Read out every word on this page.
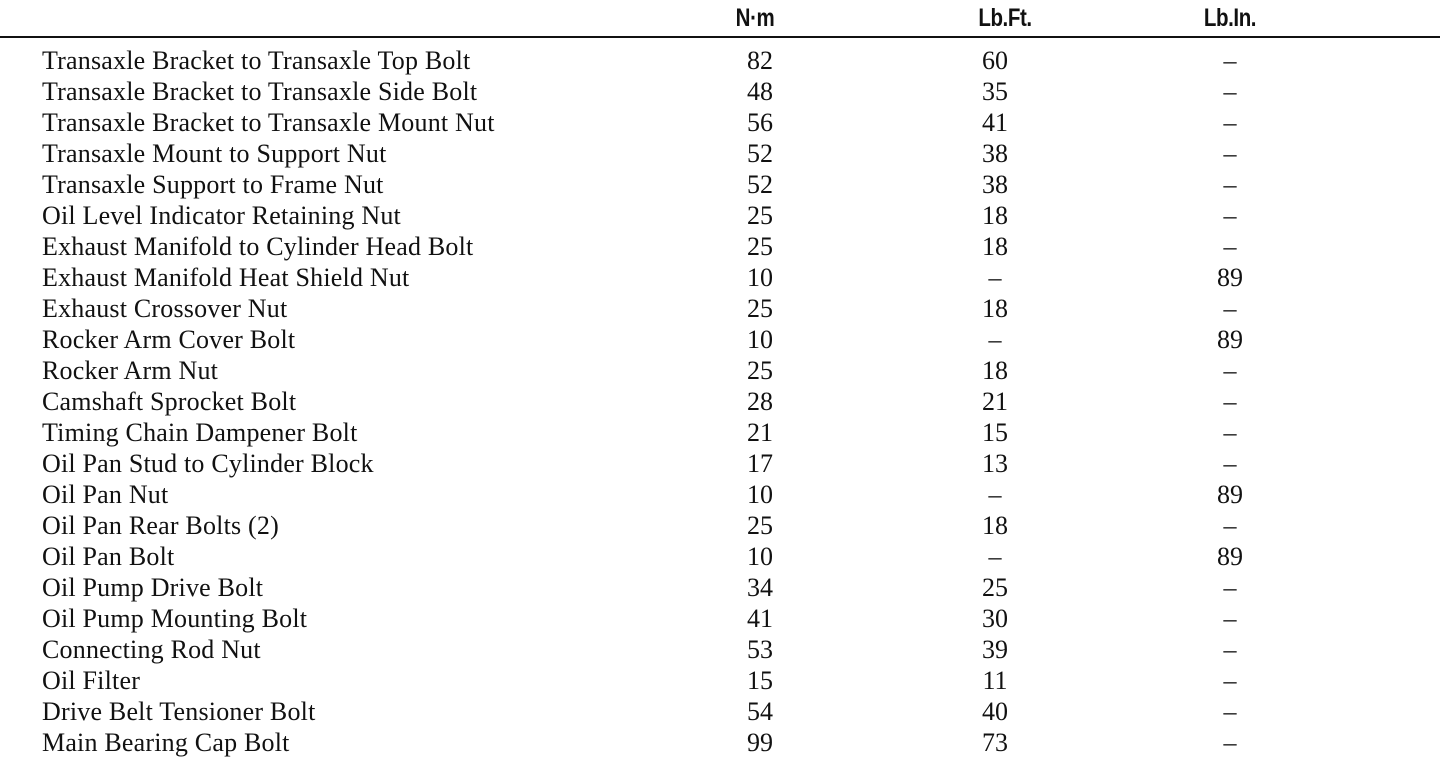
N·m	Lb.Ft.	Lb.In.
Transaxle Bracket to Transaxle Top Bolt	82	60	–
Transaxle Bracket to Transaxle Side Bolt	48	35	–
Transaxle Bracket to Transaxle Mount Nut	56	41	–
Transaxle Mount to Support Nut	52	38	–
Transaxle Support to Frame Nut	52	38	–
Oil Level Indicator Retaining Nut	25	18	–
Exhaust Manifold to Cylinder Head Bolt	25	18	–
Exhaust Manifold Heat Shield Nut	10	–	89
Exhaust Crossover Nut	25	18	–
Rocker Arm Cover Bolt	10	–	89
Rocker Arm Nut	25	18	–
Camshaft Sprocket Bolt	28	21	–
Timing Chain Dampener Bolt	21	15	–
Oil Pan Stud to Cylinder Block	17	13	–
Oil Pan Nut	10	–	89
Oil Pan Rear Bolts (2)	25	18	–
Oil Pan Bolt	10	–	89
Oil Pump Drive Bolt	34	25	–
Oil Pump Mounting Bolt	41	30	–
Connecting Rod Nut	53	39	–
Oil Filter	15	11	–
Drive Belt Tensioner Bolt	54	40	–
Main Bearing Cap Bolt	99	73	–
